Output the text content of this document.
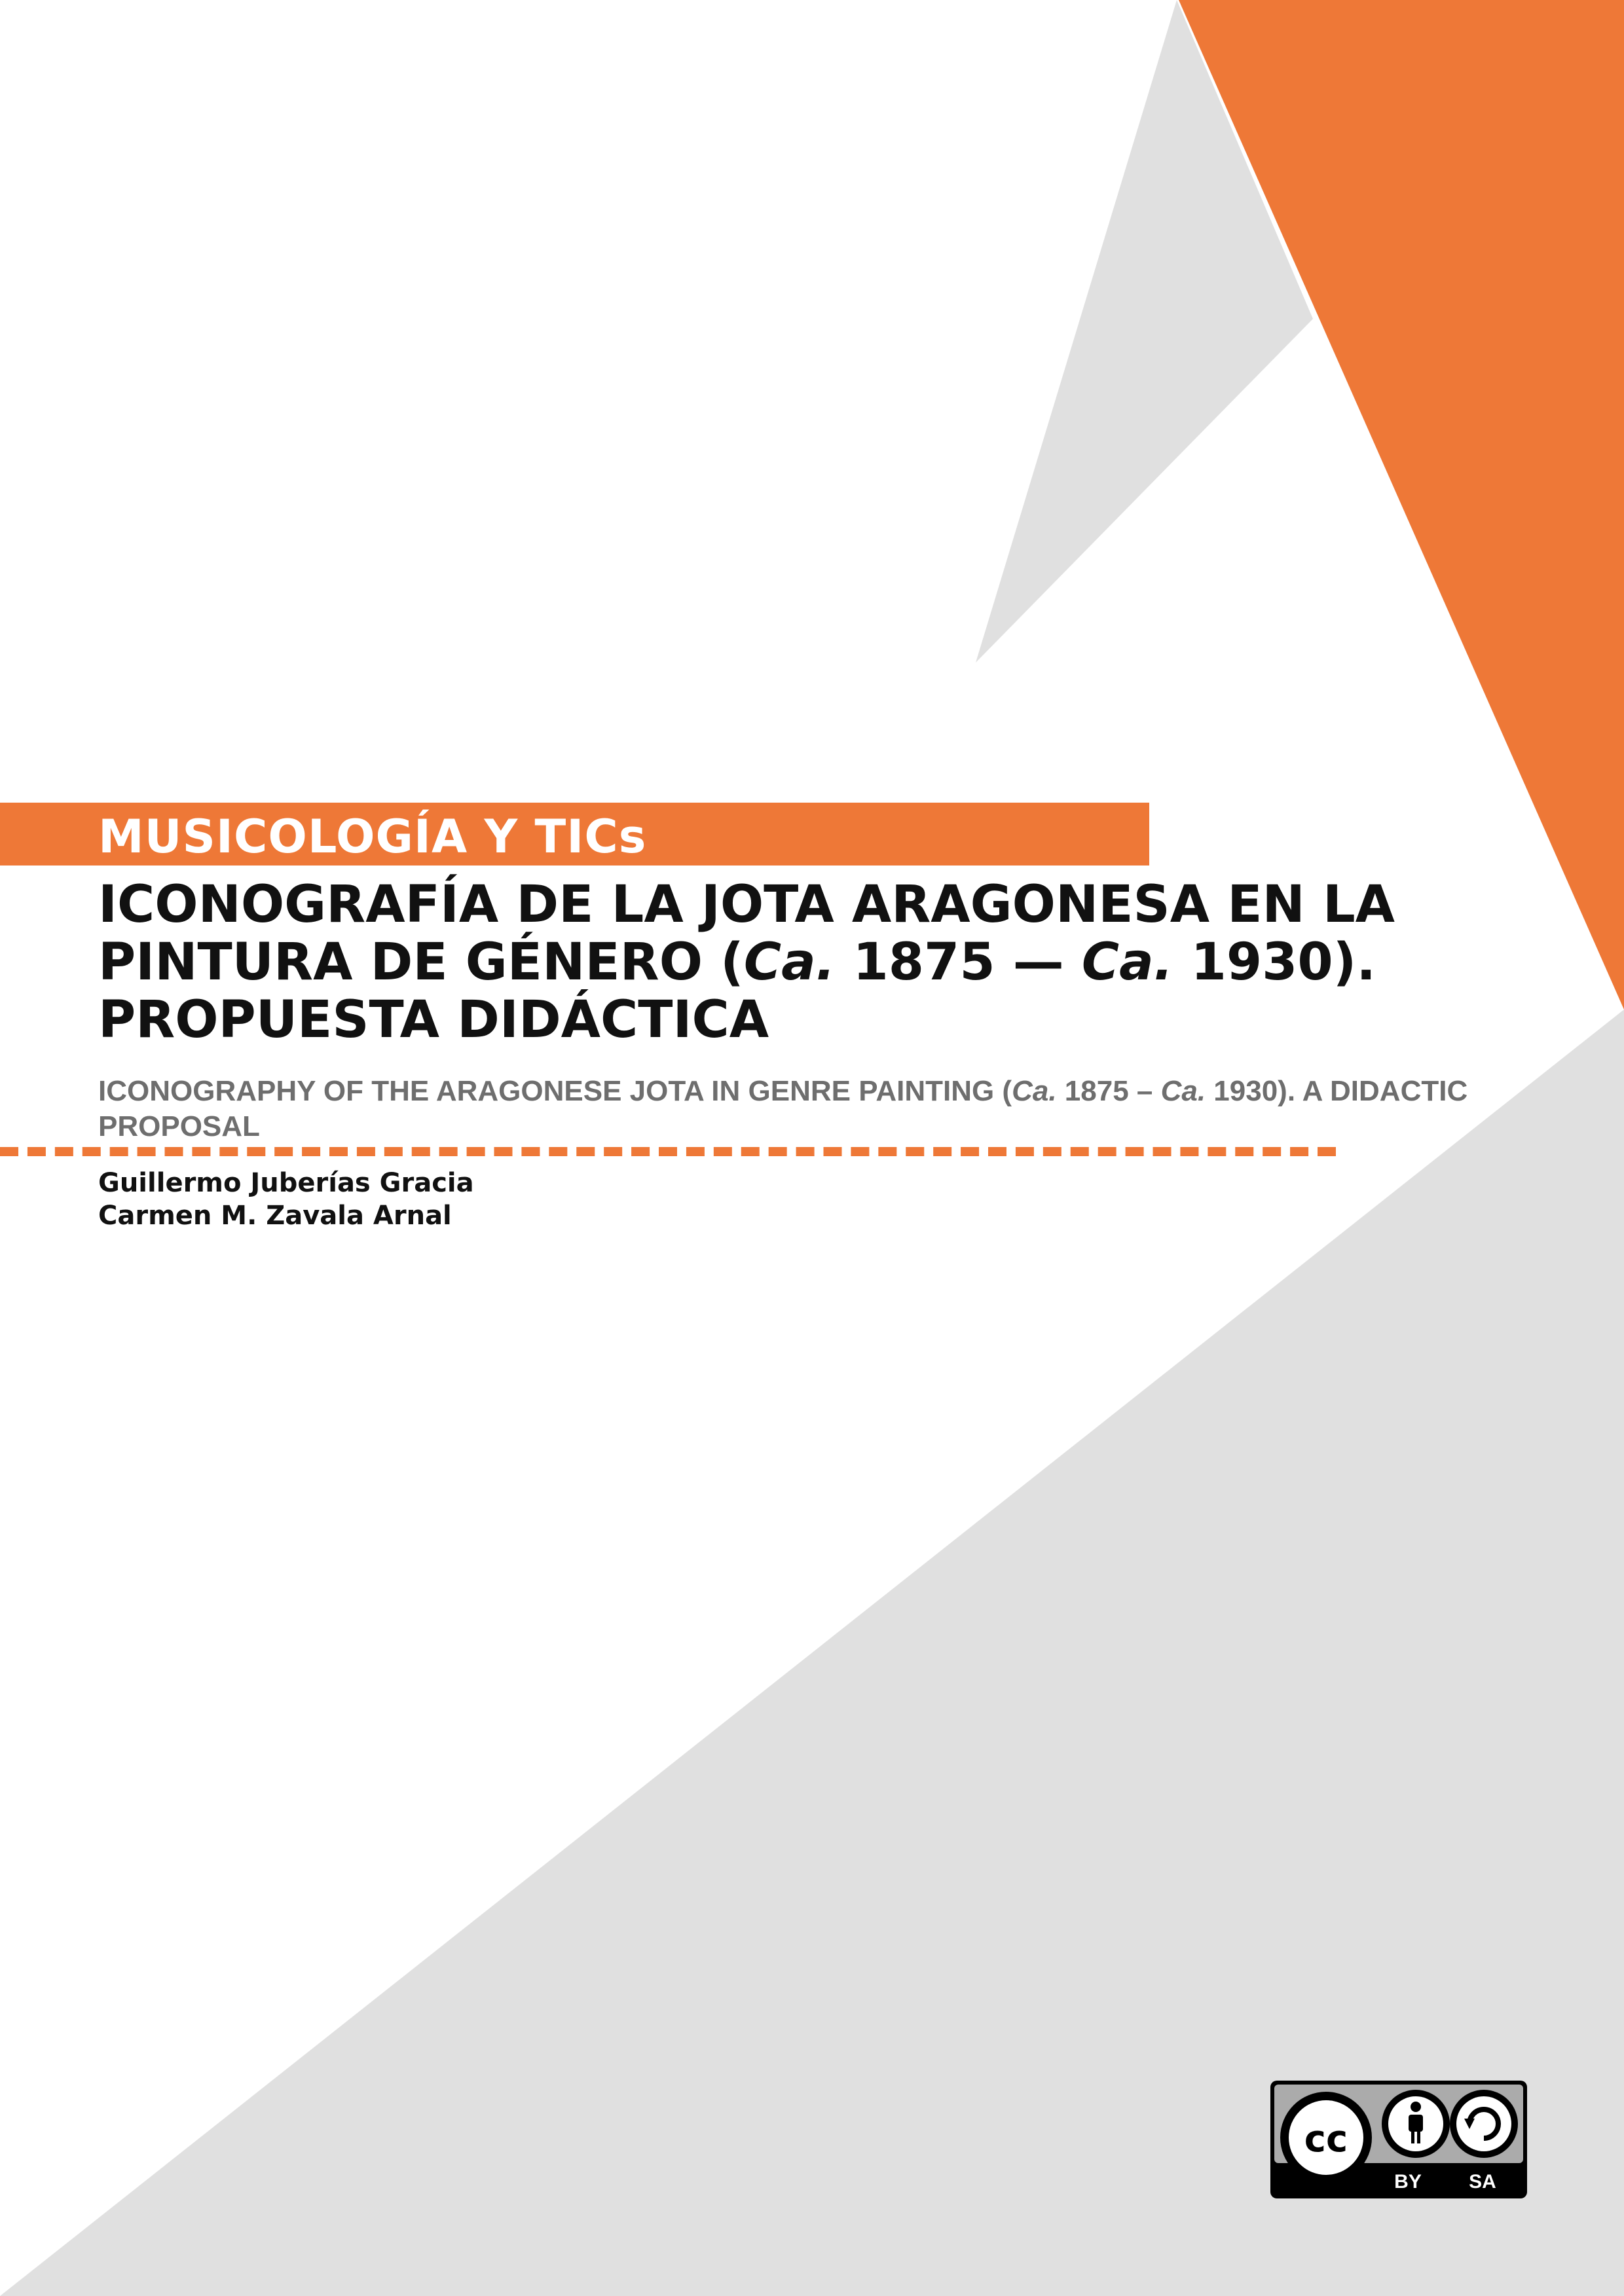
MUSICOLOGÍA Y TICs
ICONOGRAFÍA DE LA JOTA ARAGONESA EN LA
PINTURA DE GÉNERO (Ca. 1875 — Ca. 1930).
PROPUESTA DIDÁCTICA

ICONOGRAPHY OF THE ARAGONESE JOTA IN GENRE PAINTING (Ca. 1875 – Ca. 1930). A DIDACTIC PROPOSAL

Guillermo Juberías Gracia
Carmen M. Zavala Arnal
cc
BY SA
